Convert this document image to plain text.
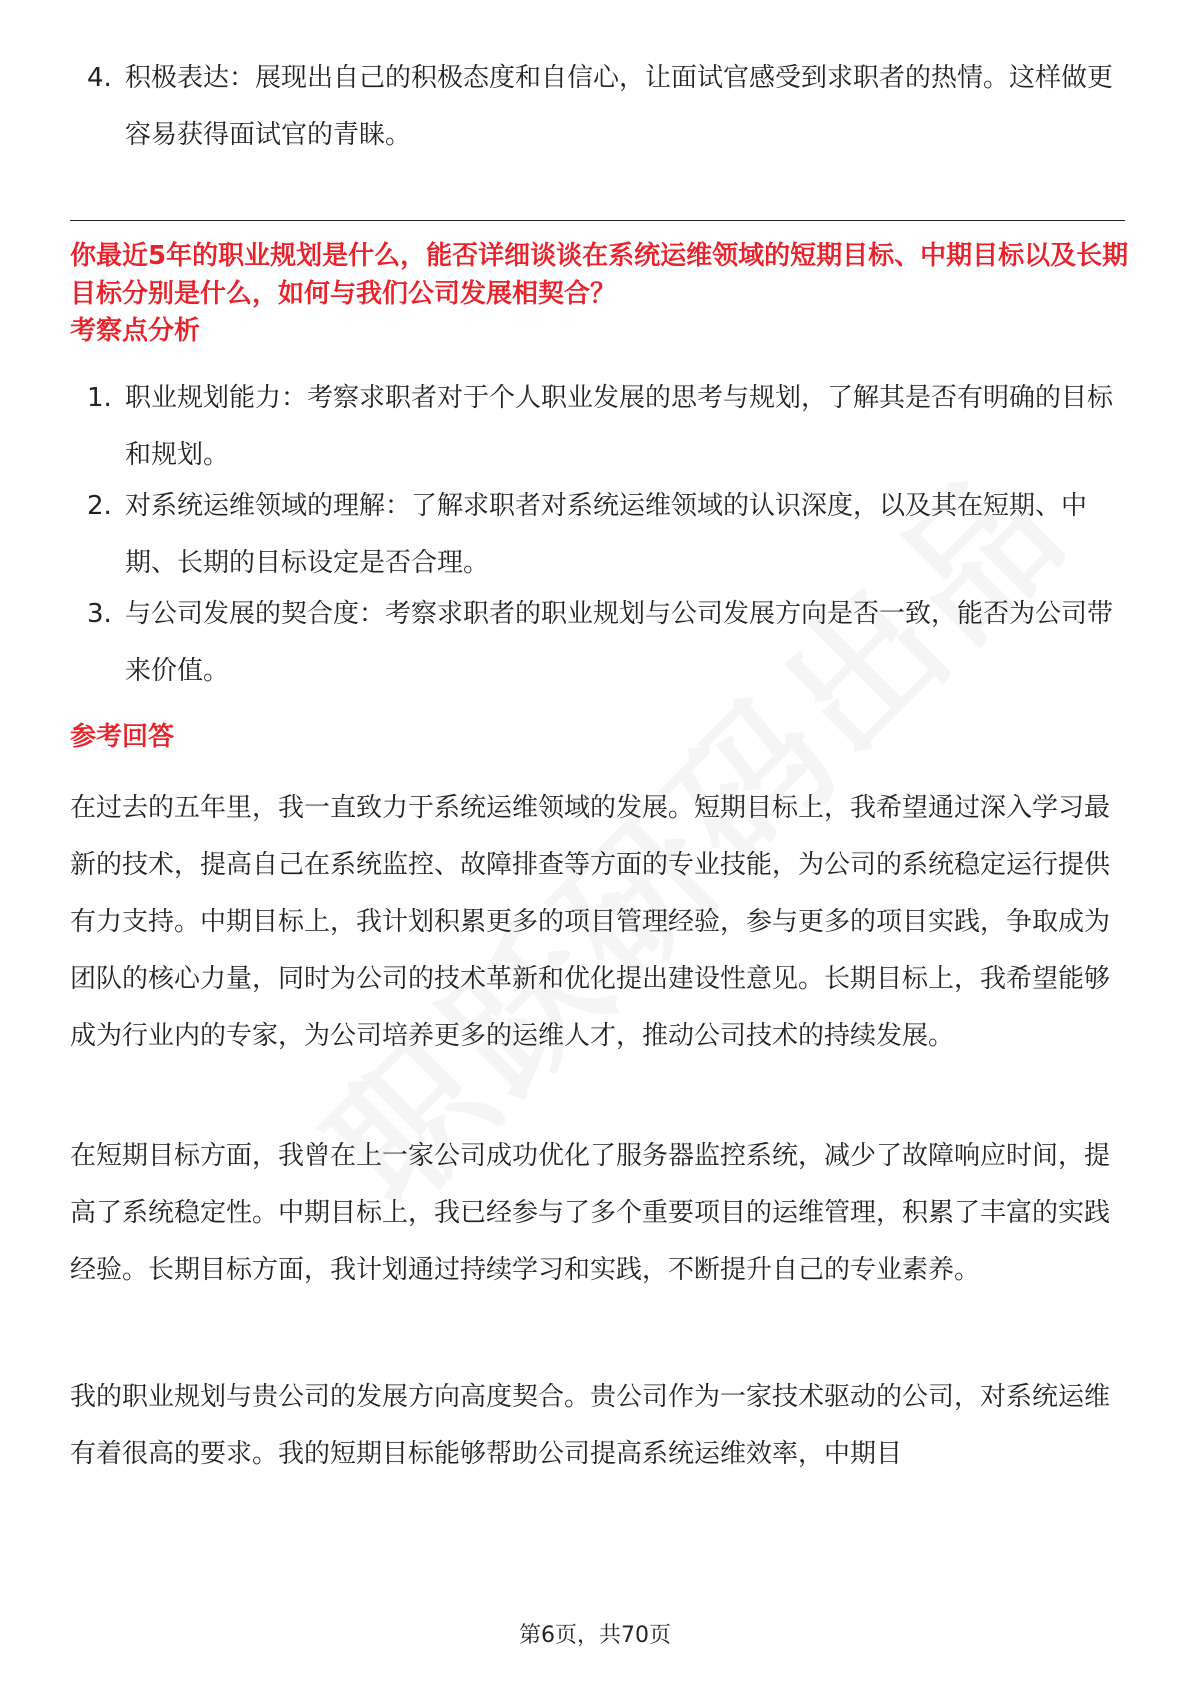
4. 积极表达：展现出自己的积极态度和自信心，让面试官感受到求职者的热情。这样做更容易获得面试官的青睐。
你最近5年的职业规划是什么，能否详细谈谈在系统运维领域的短期目标、中期目标以及长期目标分别是什么，如何与我们公司发展相契合？
考察点分析
1. 职业规划能力：考察求职者对于个人职业发展的思考与规划，了解其是否有明确的目标和规划。
2. 对系统运维领域的理解：了解求职者对系统运维领域的认识深度，以及其在短期、中期、长期的目标设定是否合理。
3. 与公司发展的契合度：考察求职者的职业规划与公司发展方向是否一致，能否为公司带来价值。
参考回答
在过去的五年里，我一直致力于系统运维领域的发展。短期目标上，我希望通过深入学习最新的技术，提高自己在系统监控、故障排查等方面的专业技能，为公司的系统稳定运行提供有力支持。中期目标上，我计划积累更多的项目管理经验，参与更多的项目实践，争取成为团队的核心力量，同时为公司的技术革新和优化提出建设性意见。长期目标上，我希望能够成为行业内的专家，为公司培养更多的运维人才，推动公司技术的持续发展。
在短期目标方面，我曾在上一家公司成功优化了服务器监控系统，减少了故障响应时间，提高了系统稳定性。中期目标上，我已经参与了多个重要项目的运维管理，积累了丰富的实践经验。长期目标方面，我计划通过持续学习和实践，不断提升自己的专业素养。
我的职业规划与贵公司的发展方向高度契合。贵公司作为一家技术驱动的公司，对系统运维有着很高的要求。我的短期目标能够帮助公司提高系统运维效率，中期目
第6页，共70页
